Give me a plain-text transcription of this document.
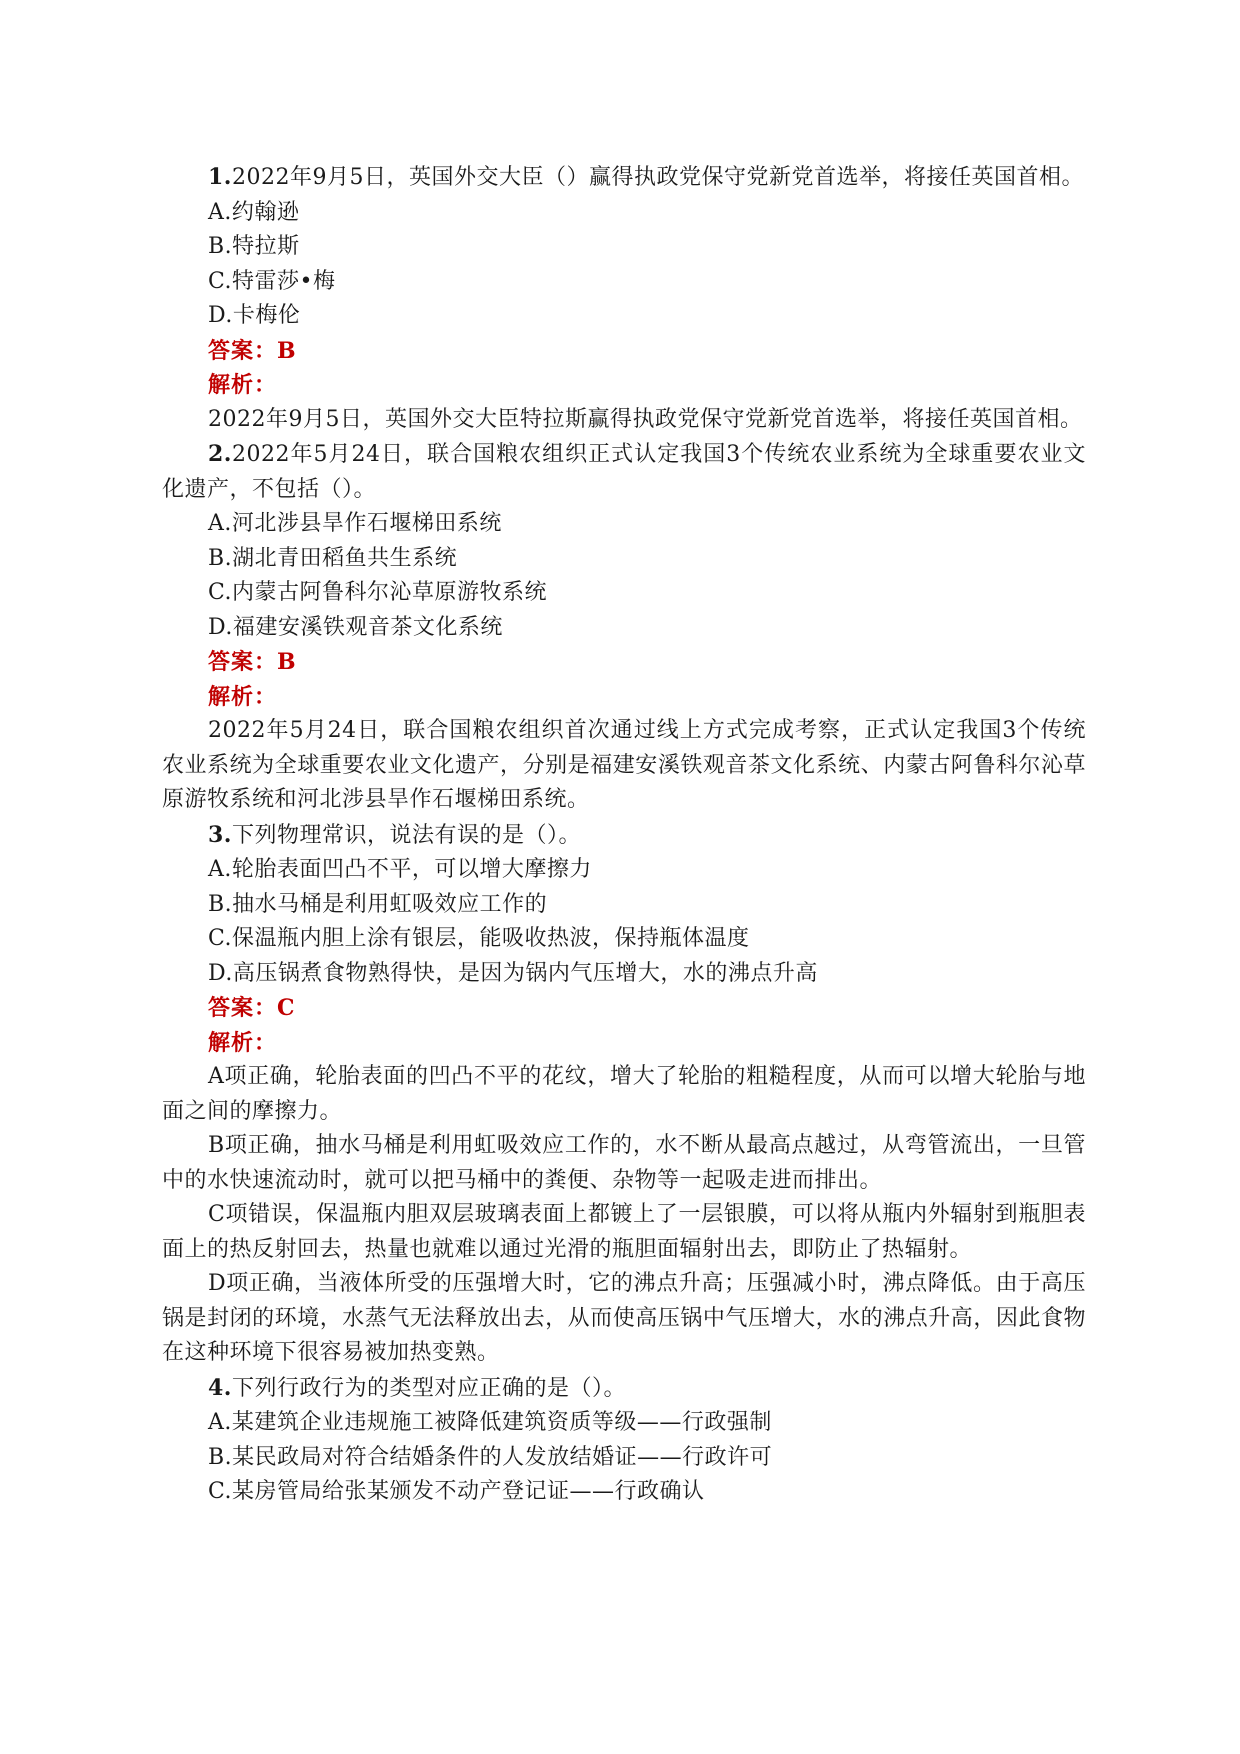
1.2022年9月5日，英国外交大臣（）赢得执政党保守党新党首选举，将接任英国首相。

A.约翰逊

B.特拉斯

C.特雷莎•梅

D.卡梅伦

答案：B

解析：

2022年9月5日，英国外交大臣特拉斯赢得执政党保守党新党首选举，将接任英国首相。

2.2022年5月24日，联合国粮农组织正式认定我国3个传统农业系统为全球重要农业文化遗产，不包括（）。

A.河北涉县旱作石堰梯田系统

B.湖北青田稻鱼共生系统

C.内蒙古阿鲁科尔沁草原游牧系统

D.福建安溪铁观音茶文化系统

答案：B

解析：

2022年5月24日，联合国粮农组织首次通过线上方式完成考察，正式认定我国3个传统农业系统为全球重要农业文化遗产，分别是福建安溪铁观音茶文化系统、内蒙古阿鲁科尔沁草原游牧系统和河北涉县旱作石堰梯田系统。

3.下列物理常识，说法有误的是（）。

A.轮胎表面凹凸不平，可以增大摩擦力

B.抽水马桶是利用虹吸效应工作的

C.保温瓶内胆上涂有银层，能吸收热波，保持瓶体温度

D.高压锅煮食物熟得快，是因为锅内气压增大，水的沸点升高

答案：C

解析：

A项正确，轮胎表面的凹凸不平的花纹，增大了轮胎的粗糙程度，从而可以增大轮胎与地面之间的摩擦力。

B项正确，抽水马桶是利用虹吸效应工作的，水不断从最高点越过，从弯管流出，一旦管中的水快速流动时，就可以把马桶中的粪便、杂物等一起吸走进而排出。

C项错误，保温瓶内胆双层玻璃表面上都镀上了一层银膜，可以将从瓶内外辐射到瓶胆表面上的热反射回去，热量也就难以通过光滑的瓶胆面辐射出去，即防止了热辐射。

D项正确，当液体所受的压强增大时，它的沸点升高；压强减小时，沸点降低。由于高压锅是封闭的环境，水蒸气无法释放出去，从而使高压锅中气压增大，水的沸点升高，因此食物在这种环境下很容易被加热变熟。

4.下列行政行为的类型对应正确的是（）。

A.某建筑企业违规施工被降低建筑资质等级——行政强制

B.某民政局对符合结婚条件的人发放结婚证——行政许可

C.某房管局给张某颁发不动产登记证——行政确认
